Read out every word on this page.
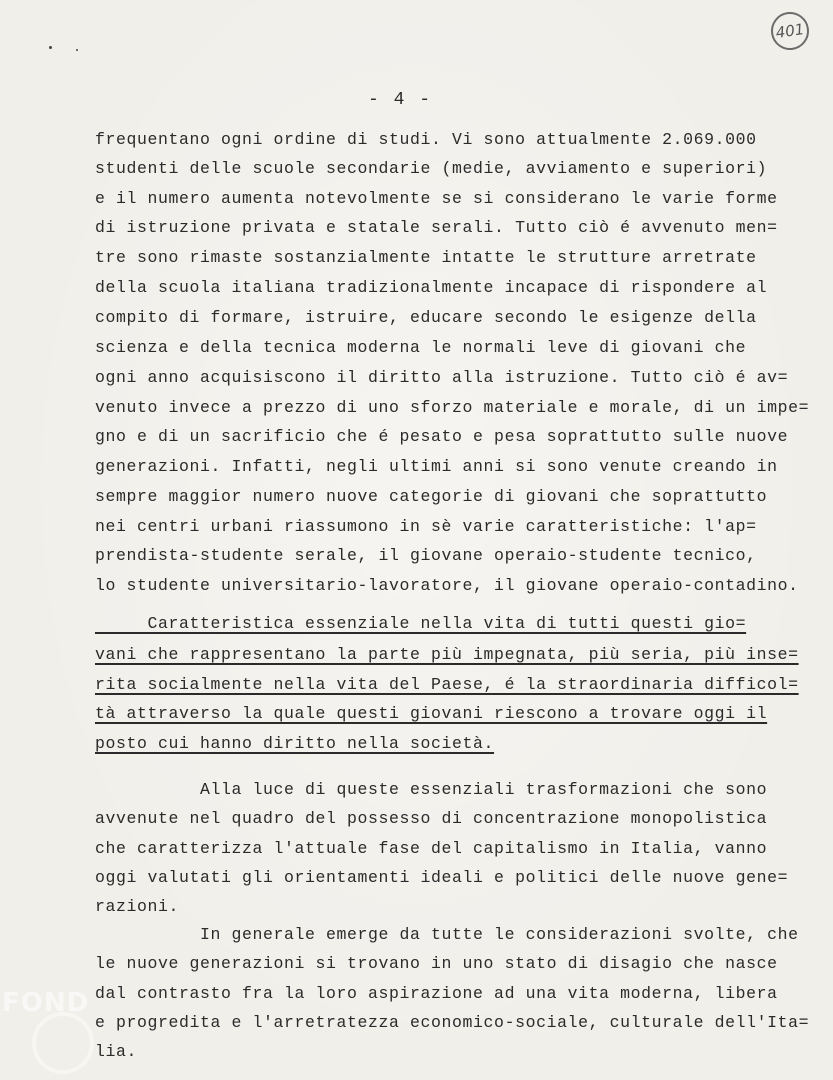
401
- 4 -
frequentano ogni ordine di studi. Vi sono attualmente 2.069.000
studenti delle scuole secondarie (medie, avviamento e superiori)
e il numero aumenta notevolmente se si considerano le varie forme
di istruzione privata e statale serali. Tutto ciò é avvenuto men=
tre sono rimaste sostanzialmente intatte le strutture arretrate
della scuola italiana tradizionalmente incapace di rispondere al
compito di formare, istruire, educare secondo le esigenze della
scienza e della tecnica moderna le normali leve di giovani che
ogni anno acquisiscono il diritto alla istruzione. Tutto ciò é av=
venuto invece a prezzo di uno sforzo materiale e morale, di un impe=
gno e di un sacrificio che é pesato e pesa soprattutto sulle nuove
generazioni. Infatti, negli ultimi anni si sono venute creando in
sempre maggior numero nuove categorie di giovani che soprattutto
nei centri urbani riassumono in sè varie caratteristiche: l'ap=
prendista-studente serale, il giovane operaio-studente tecnico,
lo studente universitario-lavoratore, il giovane operaio-contadino.
Caratteristica essenziale nella vita di tutti questi gio=
vani che rappresentano la parte più impegnata, più seria, più inse=
rita socialmente nella vita del Paese, é la straordinaria difficol=
tà attraverso la quale questi giovani riescono a trovare oggi il
posto cui hanno diritto nella società.
Alla luce di queste essenziali trasformazioni che sono
avvenute nel quadro del possesso di concentrazione monopolistica
che caratterizza l'attuale fase del capitalismo in Italia, vanno
oggi valutati gli orientamenti ideali e politici delle nuove gene=
razioni.
In generale emerge da tutte le considerazioni svolte, che
le nuove generazioni si trovano in uno stato di disagio che nasce
dal contrasto fra la loro aspirazione ad una vita moderna, libera
e progredita e l'arretratezza economico-sociale, culturale dell'Ita=
lia.
FOND
